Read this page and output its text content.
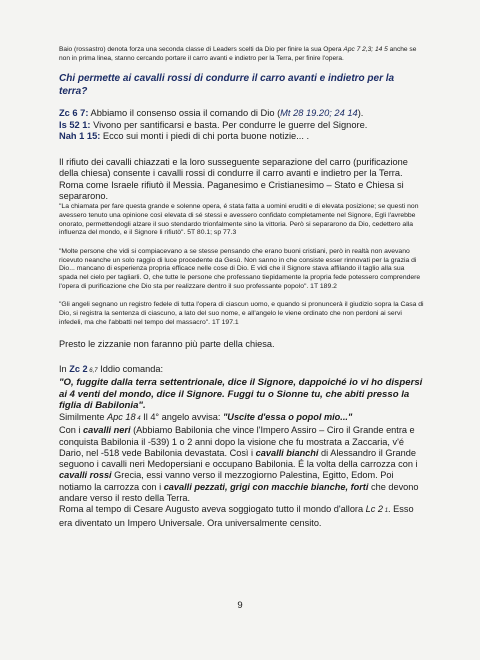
Baio (rossastro) denota forza una seconda classe di Leaders scelti da Dio per finire la sua Opera Apc 7 2,3; 14 5 anche se non in prima linea, stanno cercando portare il carro avanti e indietro per la Terra, per finire l'opera.

Chi permette ai cavalli rossi di condurre il carro avanti e indietro per la terra?

Zc 6 7: Abbiamo il consenso ossia il comando di Dio (Mt 28 19.20; 24 14).

Is 52 1: Vivono per santificarsi e basta. Per condurre le guerre del Signore.

Nah 1 15: Ecco sui monti i piedi di chi porta buone notizie... .

Il rifiuto dei cavalli chiazzati e la loro susseguente separazione del carro (purificazione della chiesa) consente i cavalli rossi di condurre il carro avanti e indietro per la Terra. Roma come Israele rifiutò il Messia. Paganesimo e Cristianesimo – Stato e Chiesa si separarono.

"La chiamata per fare questa grande e solenne opera, é stata fatta a uomini eruditi e di elevata posizione; se questi non avessero tenuto una opinione così elevata di sé stessi e avessero confidato completamente nel Signore, Egli l'avrebbe onorato, permettendogli alzare il suo stendardo trionfalmente sino la vittoria. Però si separarono da Dio, cedettero alla influenza del mondo, e il Signore li rifiutò". 5T 80.1; sp 77.3

"Molte persone che vidi si compiacevano a se stesse pensando che erano buoni cristiani, però in realtà non avevano ricevuto neanche un solo raggio di luce procedente da Gesù. Non sanno in che consiste esser rinnovati per la grazia di Dio... mancano di esperienza propria efficace nelle cose di Dio. E vidi che il Signore stava affilando il taglio alla sua spada nel cielo per tagliarli. O, che tutte le persone che professano tiepidamente la propria fede potessero comprendere l'opera di purificazione che Dio sta per realizzare dentro il suo professante popolo". 1T 189.2

"Gli angeli segnano un registro fedele di tutta l'opera di ciascun uomo, e quando si pronuncerà il giudizio sopra la Casa di Dio, si registra la sentenza di ciascuno, a lato del suo nome, e all'angelo le viene ordinato che non perdoni ai servi infedeli, ma che l'abbatti nel tempo del massacro". 1T 197.1

Presto le zizzanie non faranno più parte della chiesa.

In Zc 2 6,7 Iddio comanda:

"O, fuggite dalla terra settentrionale, dice il Signore, dappoiché io vi ho dispersi ai 4 venti del mondo, dice il Signore. Fuggi tu o Sionne tu, che abiti presso la figlia di Babilonia".

Similmente Apc 18 4 Il 4° angelo avvisa: "Uscite d'essa o popol mio..."

Con i cavalli neri (Abbiamo Babilonia che vince l'Impero Assiro – Ciro il Grande entra e conquista Babilonia il -539) 1 o 2 anni dopo la visione che fu mostrata a Zaccaria, v'é Dario, nel -518 vede Babilonia devastata. Così i cavalli bianchi di Alessandro il Grande seguono i cavalli neri Medopersiani e occupano Babilonia. É la volta della carrozza con i cavalli rossi Grecia, essi vanno verso il mezzogiorno Palestina, Egitto, Edom. Poi notiamo la carrozza con i cavalli pezzati, grigi con macchie bianche, forti che devono andare verso il resto della Terra.

Roma al tempo di Cesare Augusto aveva soggiogato tutto il mondo d'allora Lc 2 1. Esso era diventato un Impero Universale. Ora universalmente censito.

9
